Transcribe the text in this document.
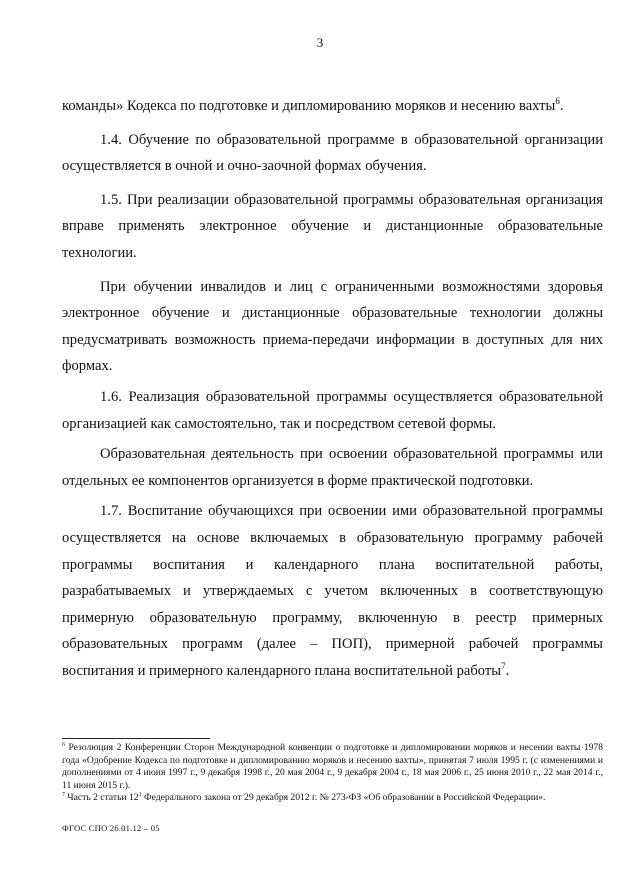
3

команды» Кодекса по подготовке и дипломированию моряков и несению вахты$^6$.

1.4. Обучение по образовательной программе в образовательной организации осуществляется в очной и очно-заочной формах обучения.

1.5. При реализации образовательной программы образовательная организация вправе применять электронное обучение и дистанционные образовательные технологии.

При обучении инвалидов и лиц с ограниченными возможностями здоровья электронное обучение и дистанционные образовательные технологии должны предусматривать возможность приема-передачи информации в доступных для них формах.

1.6. Реализация образовательной программы осуществляется образовательной организацией как самостоятельно, так и посредством сетевой формы.

Образовательная деятельность при освоении образовательной программы или отдельных ее компонентов организуется в форме практической подготовки.

1.7. Воспитание обучающихся при освоении ими образовательной программы осуществляется на основе включаемых в образовательную программу рабочей программы воспитания и календарного плана воспитательной работы, разрабатываемых и утверждаемых с учетом включенных в соответствующую примерную образовательную программу, включенную в реестр примерных образовательных программ (далее – ПОП), примерной рабочей программы воспитания и примерного календарного плана воспитательной работы$^7$.

$^6$ Резолюция 2 Конференции Сторон Международной конвенции о подготовке и дипломировании моряков и несении вахты 1978 года «Одобрение Кодекса по подготовке и дипломированию моряков и несению вахты», принятая 7 июля 1995 г. (с изменениями и дополнениями от 4 июня 1997 г., 9 декабря 1998 г., 20 мая 2004 г., 9 декабря 2004 г., 18 мая 2006 г., 25 июня 2010 г., 22 мая 2014 г., 11 июня 2015 г.).

$^7$ Часть 2 статьи $12^1$ Федерального закона от 29 декабря 2012 г. № 273-ФЗ «Об образовании в Российской Федерации».

ФГОС СПО 26.01.12 – 05
